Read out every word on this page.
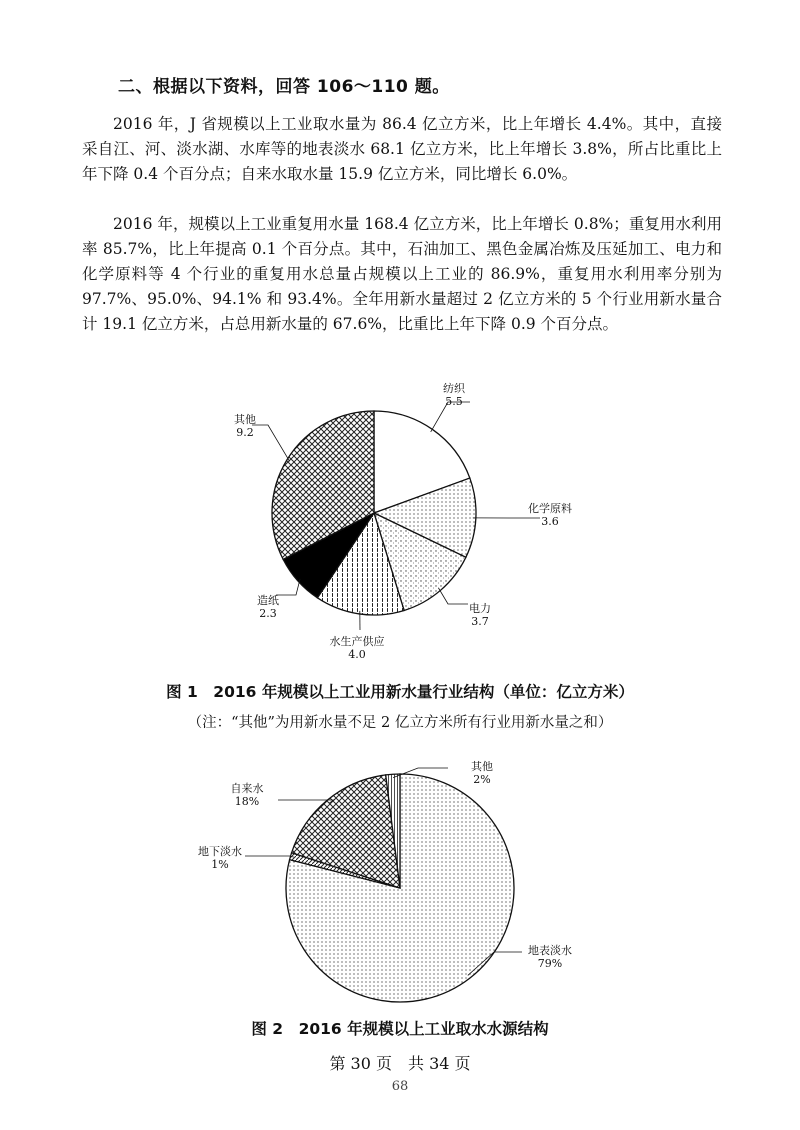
二、根据以下资料，回答 106～110 题。
2016 年，J 省规模以上工业取水量为 86.4 亿立方米，比上年增长 4.4%。其中，直接采自江、河、淡水湖、水库等的地表淡水 68.1 亿立方米，比上年增长 3.8%，所占比重比上年下降 0.4 个百分点；自来水取水量 15.9 亿立方米，同比增长 6.0%。
2016 年，规模以上工业重复用水量 168.4 亿立方米，比上年增长 0.8%；重复用水利用率 85.7%，比上年提高 0.1 个百分点。其中，石油加工、黑色金属冶炼及压延加工、电力和化学原料等 4 个行业的重复用水总量占规模以上工业的 86.9%，重复用水利用率分别为 97.7%、95.0%、94.1% 和 93.4%。全年用新水量超过 2 亿立方米的 5 个行业用新水量合计 19.1 亿立方米，占总用新水量的 67.6%，比重比上年下降 0.9 个百分点。
纺织
5.5
化学原料
3.6
电力
3.7
水生产供应
4.0
造纸
2.3
其他
9.2
地表淡水
79%
地下淡水
1%
自来水
18%
其他
2%
图 1　2016 年规模以上工业用新水量行业结构（单位：亿立方米）
（注：“其他”为用新水量不足 2 亿立方米所有行业用新水量之和）
图 2　2016 年规模以上工业取水水源结构
第 30 页　共 34 页
68
